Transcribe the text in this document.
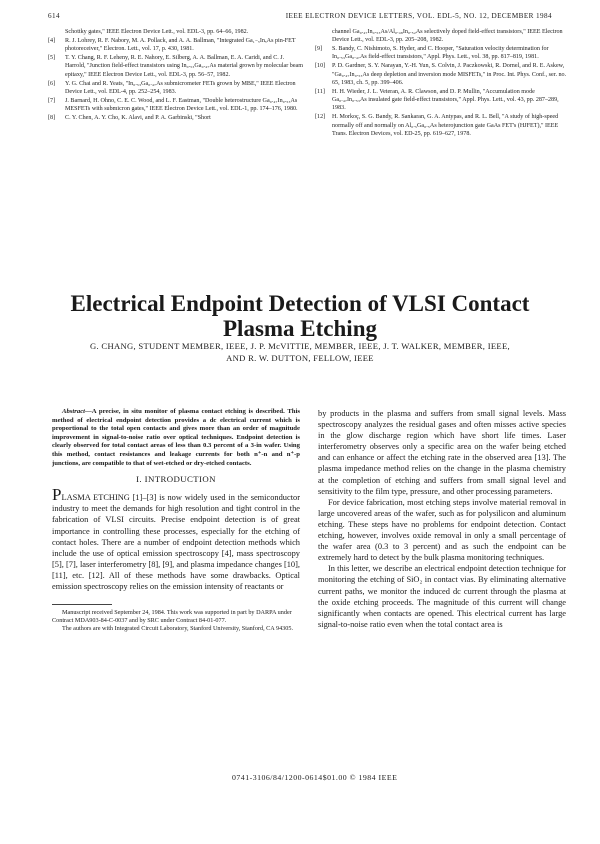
614	IEEE ELECTRON DEVICE LETTERS, VOL. EDL-5, NO. 12, DECEMBER 1984
Schottky gates," IEEE Electron Device Lett., vol. EDL-3, pp. 64–66, 1982.
[4] R. J. Lohrey, R. F. Nabory, M. A. Pollack, and A. A. Ballman, "Integrated Ga₁₋ₓInₓAs pin-FET photoreceiver," Electron. Lett., vol. 17, p. 430, 1981.
[5] T. Y. Chang, R. F. Leheny, R. E. Nahory, E. Silberg, A. A. Ballman, E. A. Caridi, and C. J. Harrold, "Junction field-effect transistors using In₀.₅₃Ga₀.₄₇As material grown by molecular beam epitaxy," IEEE Electron Device Lett., vol. EDL-3, pp. 56–57, 1982.
[6] Y. G. Chai and R. Yeats, "In₀.₅₃Ga₀.₄₇As submicrometer FETs grown by MBE," IEEE Electron Device Lett., vol. EDL-4, pp. 252–254, 1983.
[7] J. Barnard, H. Ohno, C. E. C. Wood, and L. F. Eastman, "Double heterostructure Ga₀.₄₇In₀.₅₃As MESFETs with submicron gates," IEEE Electron Device Lett., vol. EDL-1, pp. 174–176, 1980.
[8] C. Y. Chen, A. Y. Cho, K. Alavi, and P. A. Garbinski, "Short
channel Ga₀.₄₇In₀.₅₃As/Al₀.₄₈In₀.₅₂As selectively doped field-effect transistors," IEEE Electron Device Lett., vol. EDL-3, pp. 205–208, 1982.
[9] S. Bandy, C. Nishimoto, S. Hyder, and C. Hooper, "Saturation velocity determination for In₀.₅₃Ga₀.₄₇As field-effect transistors," Appl. Phys. Lett., vol. 38, pp. 817–819, 1981.
[10] P. D. Gardner, S. Y. Narayan, Y.-H. Yun, S. Colvin, J. Paczkowski, R. Dornel, and R. E. Askew, "Ga₀.₄₇In₀.₅₃As deep depletion and inversion mode MISFETs," in Proc. Int. Phys. Conf., ser. no. 65, 1983, ch. 5, pp. 399–406.
[11] H. H. Wieder, J. L. Veteran, A. R. Clawson, and D. P. Mullin, "Accumulation mode Ga₀.₄₇In₀.₅₃As insulated gate field-effect transistors," Appl. Phys. Lett., vol. 43, pp. 287–289, 1983.
[12] H. Morkoç, S. G. Bandy, R. Sankaran, G. A. Antypas, and R. L. Bell, "A study of high-speed normally off and normally on Al₀.₅Ga₀.₅As heterojunction gate GaAs FET's (HJFET)," IEEE Trans. Electron Devices, vol. ED-25, pp. 619–627, 1978.
Electrical Endpoint Detection of VLSI Contact Plasma Etching
G. CHANG, STUDENT MEMBER, IEEE, J. P. McVITTIE, MEMBER, IEEE, J. T. WALKER, MEMBER, IEEE,
AND R. W. DUTTON, FELLOW, IEEE

Abstract—A precise, in situ monitor of plasma contact etching is described. This method of electrical endpoint detection provides a dc electrical current which is proportional to the total open contacts and gives more than an order of magnitude improvement in signal-to-noise ratio over optical techniques. Endpoint detection is clearly observed for total contact areas of less than 0.3 percent of a 3-in wafer. Using this method, contact resistances and leakage currents for both n⁺-n and n⁺-p junctions, are compatible to that of wet-etched or dry-etched contacts.

I. INTRODUCTION

PLASMA ETCHING [1]–[3] is now widely used in the semiconductor industry to meet the demands for high resolution and tight control in the fabrication of VLSI circuits. Precise endpoint detection is of great importance in controlling these processes, especially for the etching of contact holes. There are a number of endpoint detection methods which include the use of optical emission spectroscopy [4], mass spectroscopy [5], [7], laser interferometry [8], [9], and plasma impedance changes [10], [11], etc. [12]. All of these methods have some drawbacks. Optical emission spectroscopy relies on the emission intensity of reactants or

Manuscript received September 24, 1984. This work was supported in part by DARPA under Contract MDA903-84-C-0037 and by SRC under Contract 84-01-077.

The authors are with Integrated Circuit Laboratory, Stanford University, Stanford, CA 94305.

by products in the plasma and suffers from small signal levels. Mass spectroscopy analyzes the residual gases and often misses active species in the glow discharge region which have short life times. Laser interferometry observes only a specific area on the wafer being etched and can enhance or affect the etching rate in the observed area [13]. The plasma impedance method relies on the change in the plasma chemistry at the completion of etching and suffers from small signal level and sensitivity to the film type, pressure, and other processing parameters.

For device fabrication, most etching steps involve material removal in large uncovered areas of the wafer, such as for polysilicon and aluminum etching. These steps have no problems for endpoint detection. Contact etching, however, involves oxide removal in only a small percentage of the wafer area (0.3 to 3 percent) and as such the endpoint can be extremely hard to detect by the bulk plasma monitoring techniques.

In this letter, we describe an electrical endpoint detection technique for monitoring the etching of SiO₂ in contact vias. By eliminating alternative current paths, we monitor the induced dc current through the plasma at the oxide etching proceeds. The magnitude of this current will change significantly when contacts are opened. This electrical current has large signal-to-noise ratio even when the total contact area is

0741-3106/84/1200-0614$01.00 © 1984 IEEE
